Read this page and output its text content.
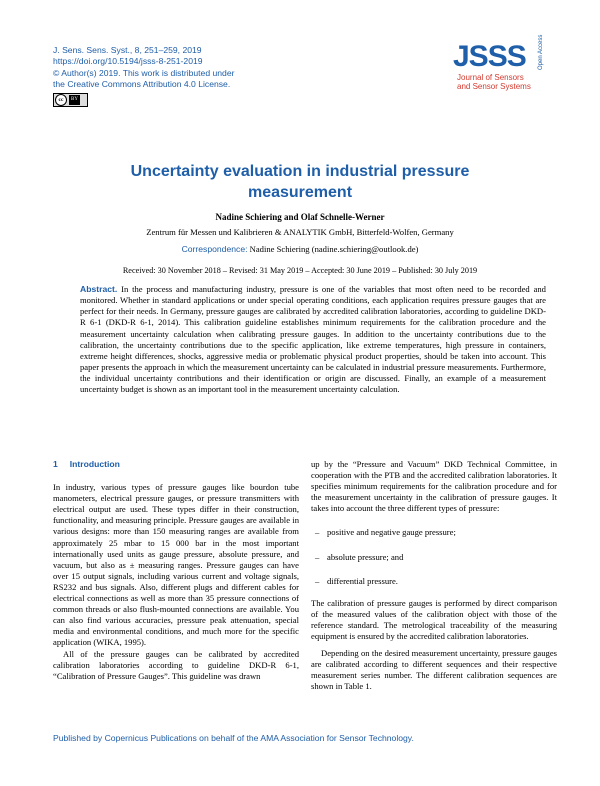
J. Sens. Sens. Syst., 8, 251–259, 2019
https://doi.org/10.5194/jsss-8-251-2019
© Author(s) 2019. This work is distributed under
the Creative Commons Attribution 4.0 License.
cc	BY
JSSS
Journal of Sensors
and Sensor Systems
Open Access
Uncertainty evaluation in industrial pressure measurement
Nadine Schiering and Olaf Schnelle-Werner
Zentrum für Messen und Kalibrieren & ANALYTIK GmbH, Bitterfeld-Wolfen, Germany
Correspondence: Nadine Schiering (nadine.schiering@outlook.de)
Received: 30 November 2018 – Revised: 31 May 2019 – Accepted: 30 June 2019 – Published: 30 July 2019
Abstract. In the process and manufacturing industry, pressure is one of the variables that most often need to be recorded and monitored. Whether in standard applications or under special operating conditions, each application requires pressure gauges that are perfect for their needs. In Germany, pressure gauges are calibrated by accredited calibration laboratories, according to guideline DKD-R 6-1 (DKD-R 6-1, 2014). This calibration guideline establishes minimum requirements for the calibration procedure and the measurement uncertainty calculation when calibrating pressure gauges. In addition to the uncertainty contributions due to the calibration, the uncertainty contributions due to the specific application, like extreme temperatures, high pressure in containers, extreme height differences, shocks, aggressive media or problematic physical product properties, should be taken into account. This paper presents the approach in which the measurement uncertainty can be calculated in industrial pressure measurements. Furthermore, the individual uncertainty contributions and their identification or origin are discussed. Finally, an example of a measurement uncertainty budget is shown as an important tool in the measurement uncertainty calculation.
1 Introduction

In industry, various types of pressure gauges like bourdon tube manometers, electrical pressure gauges, or pressure transmitters with electrical output are used. These types differ in their construction, functionality, and measuring principle. Pressure gauges are available in various designs: more than 150 measuring ranges are available from approximately 25 mbar to 15 000 bar in the most important internationally used units as gauge pressure, absolute pressure, and vacuum, but also as ± measuring ranges. Pressure gauges can have over 15 output signals, including various current and voltage signals, RS232 and bus signals. Also, different plugs and different cables for electrical connections as well as more than 35 pressure connections of common threads or also flush-mounted connections are available. You can also find various accuracies, pressure peak attenuation, special media and environmental conditions, and much more for the specific application (WIKA, 1995).

All of the pressure gauges can be calibrated by accredited calibration laboratories according to guideline DKD-R 6-1, “Calibration of Pressure Gauges”. This guideline was drawn

up by the “Pressure and Vacuum” DKD Technical Committee, in cooperation with the PTB and the accredited calibration laboratories. It specifies minimum requirements for the calibration procedure and for the measurement uncertainty in the calibration of pressure gauges. It takes into account the three different types of pressure:

– positive and negative gauge pressure;
– absolute pressure; and
– differential pressure.

The calibration of pressure gauges is performed by direct comparison of the measured values of the calibration object with those of the reference standard. The metrological traceability of the measuring equipment is ensured by the accredited calibration laboratories.

Depending on the desired measurement uncertainty, pressure gauges are calibrated according to different sequences and their respective measurement series number. The different calibration sequences are shown in Table 1.

Published by Copernicus Publications on behalf of the AMA Association for Sensor Technology.
